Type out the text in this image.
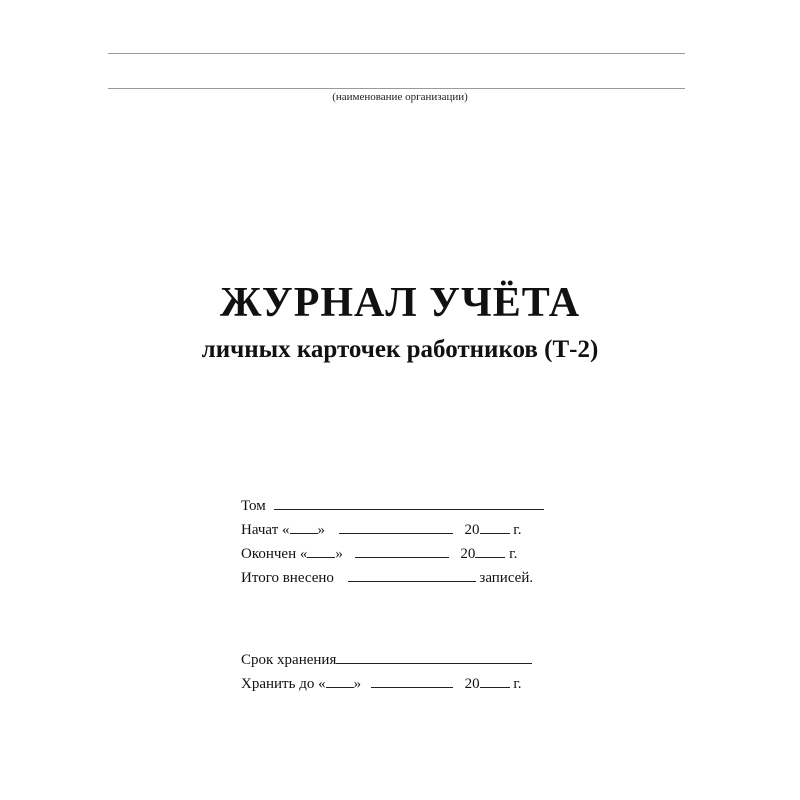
(наименование организации)
ЖУРНАЛ УЧЁТА
личных карточек работников (Т-2)
Том
Начат « »	20 г.
Окончен « »	20 г.
Итого внесено	записей.
Срок хранения
Хранить до « »	20 г.
